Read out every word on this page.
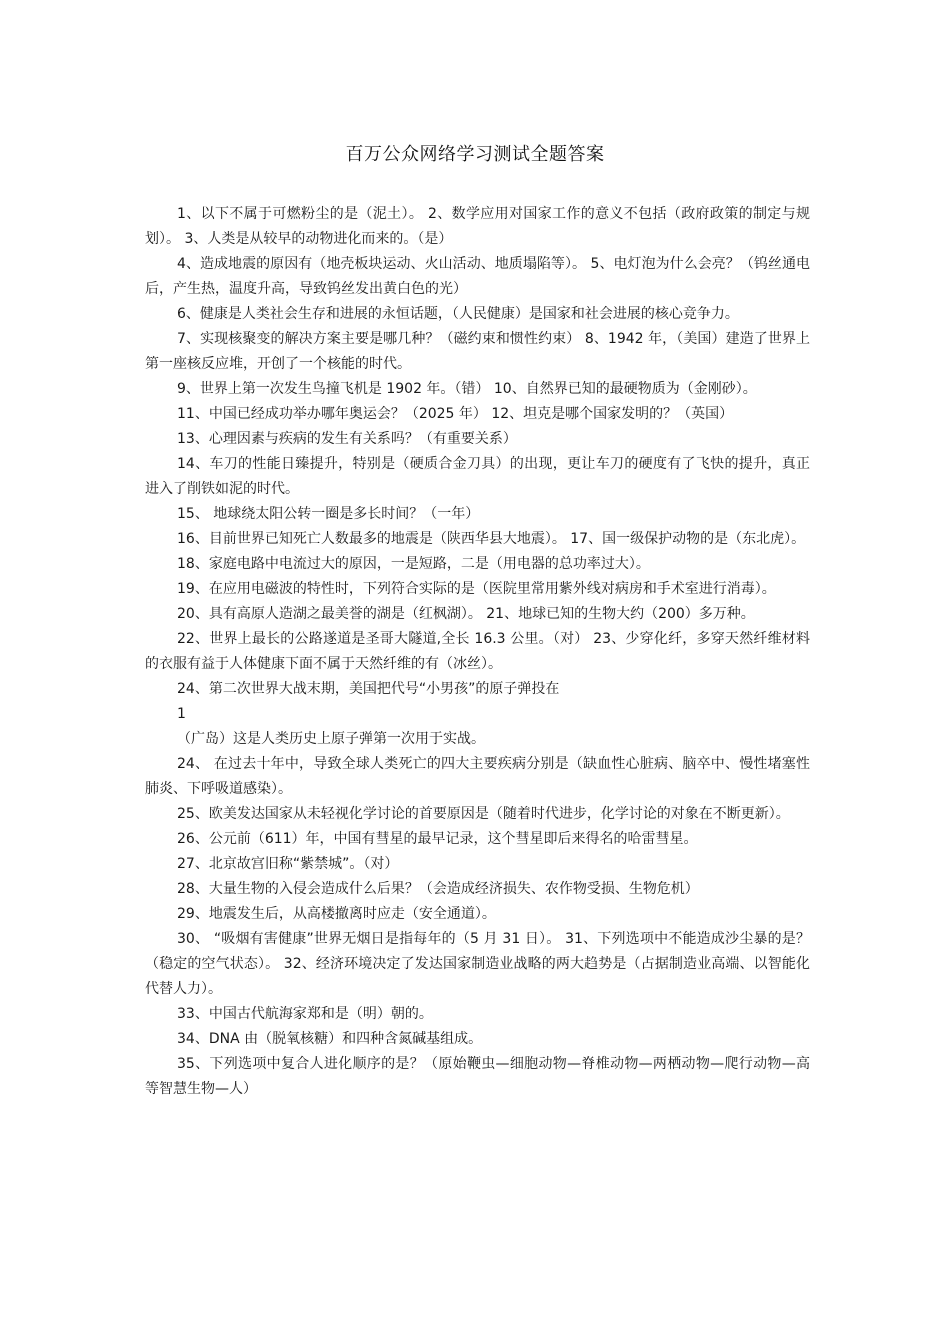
百万公众网络学习测试全题答案

1、以下不属于可燃粉尘的是（泥土）。 2、数学应用对国家工作的意义不包括（政府政策的制定与规划）。 3、人类是从较早的动物进化而来的。（是）

4、造成地震的原因有（地壳板块运动、火山活动、地质塌陷等）。 5、电灯泡为什么会亮？（钨丝通电后，产生热，温度升高，导致钨丝发出黄白色的光）

6、健康是人类社会生存和进展的永恒话题，（人民健康）是国家和社会进展的核心竞争力。

7、实现核聚变的解决方案主要是哪几种？（磁约束和惯性约束） 8、1942 年，（美国）建造了世界上第一座核反应堆，开创了一个核能的时代。

9、世界上第一次发生鸟撞飞机是 1902 年。（错） 10、自然界已知的最硬物质为（金刚砂）。

11、中国已经成功举办哪年奥运会？（2025 年） 12、坦克是哪个国家发明的？（英国）

13、心理因素与疾病的发生有关系吗？（有重要关系）

14、车刀的性能日臻提升，特别是（硬质合金刀具）的出现，更让车刀的硬度有了飞快的提升，真正进入了削铁如泥的时代。

15、 地球绕太阳公转一圈是多长时间？（一年）

16、目前世界已知死亡人数最多的地震是（陕西华县大地震）。 17、国一级保护动物的是（东北虎）。

18、家庭电路中电流过大的原因，一是短路，二是（用电器的总功率过大）。

19、在应用电磁波的特性时，下列符合实际的是（医院里常用紫外线对病房和手术室进行消毒）。

20、具有高原人造湖之最美誉的湖是（红枫湖）。 21、地球已知的生物大约（200）多万种。

22、世界上最长的公路遂道是圣哥大隧道,全长 16.3 公里。（对） 23、少穿化纤，多穿天然纤维材料的衣服有益于人体健康下面不属于天然纤维的有（冰丝）。

24、第二次世界大战末期，美国把代号“小男孩”的原子弹投在

1

（广岛）这是人类历史上原子弹第一次用于实战。

24、 在过去十年中，导致全球人类死亡的四大主要疾病分别是（缺血性心脏病、脑卒中、慢性堵塞性肺炎、下呼吸道感染）。

25、欧美发达国家从未轻视化学讨论的首要原因是（随着时代进步，化学讨论的对象在不断更新）。

26、公元前（611）年，中国有彗星的最早记录，这个彗星即后来得名的哈雷彗星。

27、北京故宫旧称“紫禁城”。（对）

28、大量生物的入侵会造成什么后果？（会造成经济损失、农作物受损、生物危机）

29、地震发生后，从高楼撤离时应走（安全通道）。

30、 “吸烟有害健康”世界无烟日是指每年的（5 月 31 日）。 31、下列选项中不能造成沙尘暴的是？（稳定的空气状态）。 32、经济环境决定了发达国家制造业战略的两大趋势是（占据制造业高端、以智能化代替人力）。

33、中国古代航海家郑和是（明）朝的。

34、DNA 由（脱氧核糖）和四种含氮碱基组成。

35、下列选项中复合人进化顺序的是？（原始鞭虫—细胞动物—脊椎动物—两栖动物—爬行动物—高等智慧生物—人）
